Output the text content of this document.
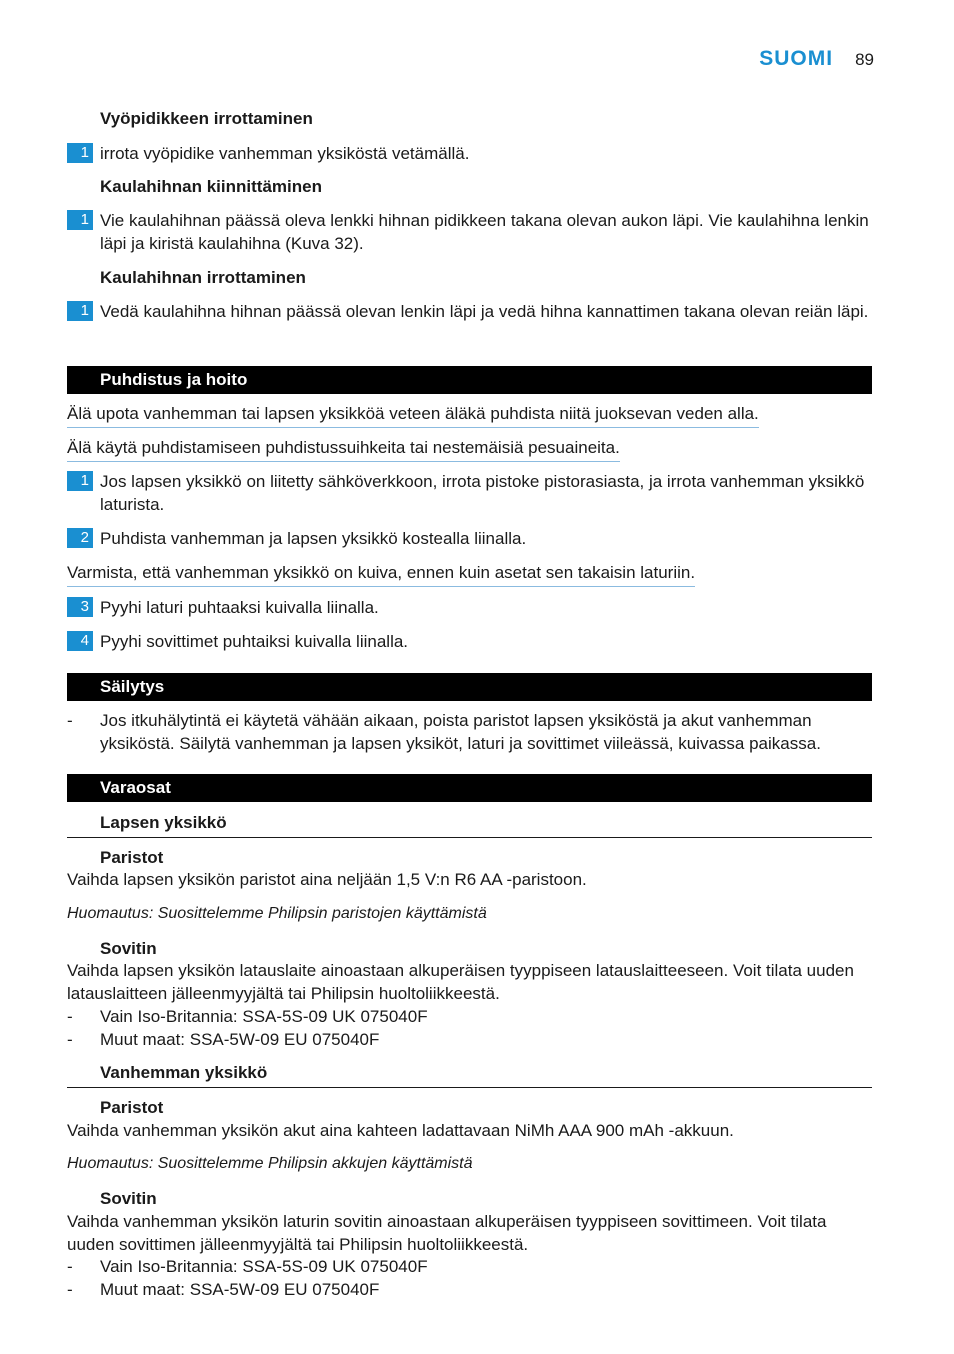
SUOMI 89
Vyöpidikkeen irrottaminen
1 irrota vyöpidike vanhemman yksiköstä vetämällä.
Kaulahihnan kiinnittäminen
1 Vie kaulahihnan päässä oleva lenkki hihnan pidikkeen takana olevan aukon läpi. Vie kaulahihna lenkin läpi ja kiristä kaulahihna (Kuva 32).
Kaulahihnan irrottaminen
1 Vedä kaulahihna hihnan päässä olevan lenkin läpi ja vedä hihna kannattimen takana olevan reiän läpi.
Puhdistus ja hoito
Älä upota vanhemman tai lapsen yksikköä veteen äläkä puhdista niitä juoksevan veden alla.
Älä käytä puhdistamiseen puhdistussuihkeita tai nestemäisiä pesuaineita.
1 Jos lapsen yksikkö on liitetty sähköverkkoon, irrota pistoke pistorasiasta, ja irrota vanhemman yksikkö laturista.
2 Puhdista vanhemman ja lapsen yksikkö kostealla liinalla.
Varmista, että vanhemman yksikkö on kuiva, ennen kuin asetat sen takaisin laturiin.
3 Pyyhi laturi puhtaaksi kuivalla liinalla.
4 Pyyhi sovittimet puhtaiksi kuivalla liinalla.
Säilytys
-	Jos itkuhälytintä ei käytetä vähään aikaan, poista paristot lapsen yksiköstä ja akut vanhemman yksiköstä. Säilytä vanhemman ja lapsen yksiköt, laturi ja sovittimet viileässä, kuivassa paikassa.
Varaosat
Lapsen yksikkö
Paristot
Vaihda lapsen yksikön paristot aina neljään 1,5 V:n R6 AA -paristoon.
Huomautus: Suosittelemme Philipsin paristojen käyttämistä
Sovitin
Vaihda lapsen yksikön latauslaite ainoastaan alkuperäisen tyyppiseen latauslaitteeseen. Voit tilata uuden latauslaitteen jälleenmyyjältä tai Philipsin huoltoliikkeestä.
-	Vain Iso-Britannia: SSA-5S-09 UK 075040F
-	Muut maat: SSA-5W-09 EU 075040F
Vanhemman yksikkö
Paristot
Vaihda vanhemman yksikön akut aina kahteen ladattavaan NiMh AAA 900 mAh -akkuun.
Huomautus: Suosittelemme Philipsin akkujen käyttämistä
Sovitin
Vaihda vanhemman yksikön laturin sovitin ainoastaan alkuperäisen tyyppiseen sovittimeen. Voit tilata uuden sovittimen jälleenmyyjältä tai Philipsin huoltoliikkeestä.
-	Vain Iso-Britannia: SSA-5S-09 UK 075040F
-	Muut maat: SSA-5W-09 EU 075040F
